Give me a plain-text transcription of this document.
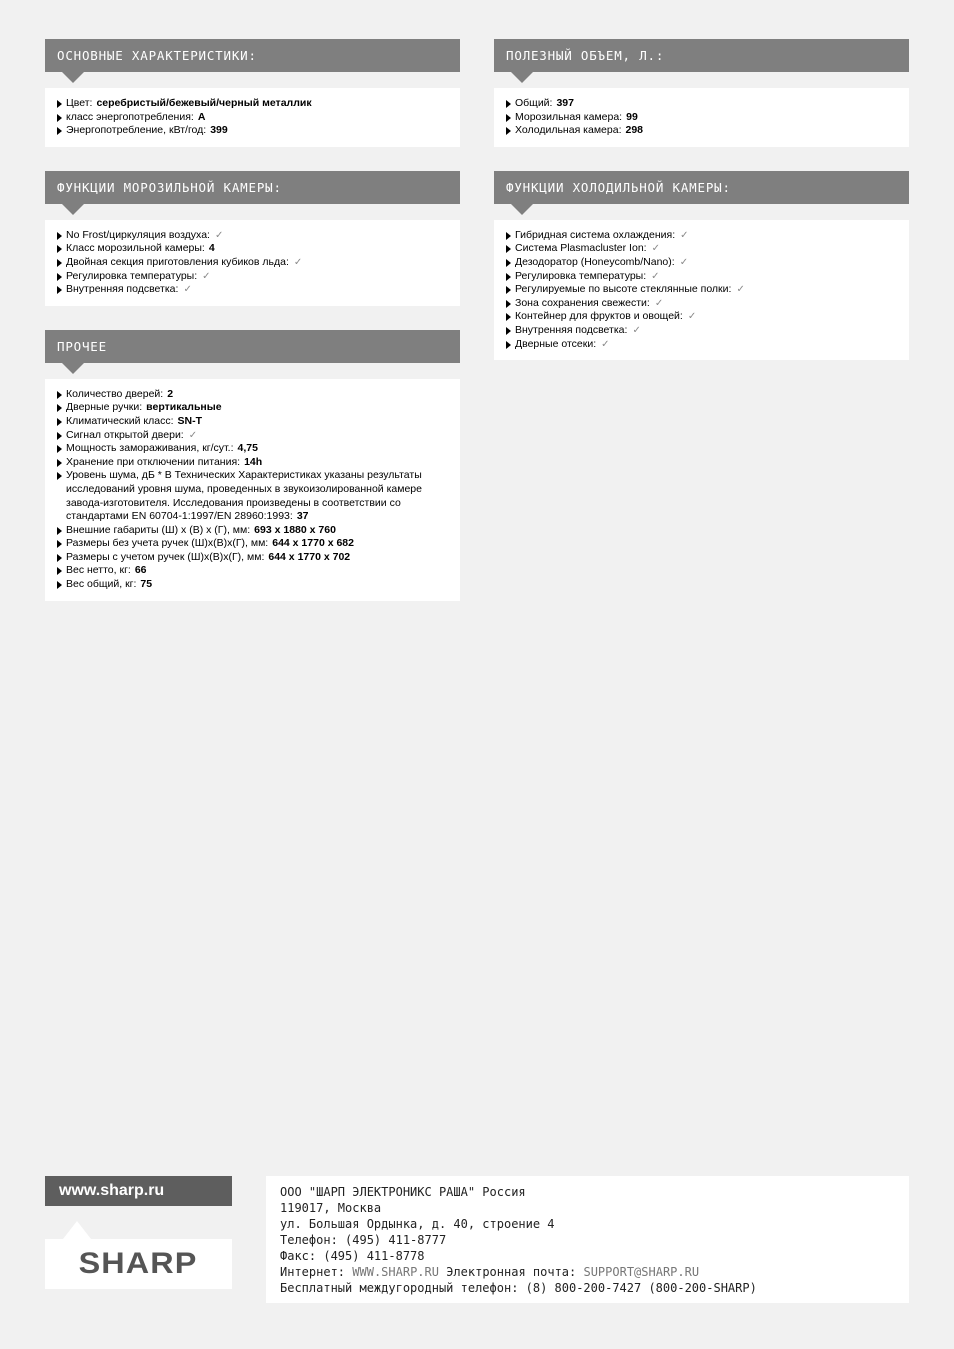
ОСНОВНЫЕ ХАРАКТЕРИСТИКИ:
Цвет: серебристый/бежевый/черный металлик
класс энергопотребления: A
Энергопотребление, кВт/год: 399
ФУНКЦИИ МОРОЗИЛЬНОЙ КАМЕРЫ:
No Frost/циркуляция воздуха: ✓
Класс морозильной камеры: 4
Двойная секция приготовления кубиков льда: ✓
Регулировка температуры: ✓
Внутренняя подсветка: ✓
ПРОЧЕЕ
Количество дверей: 2
Дверные ручки: вертикальные
Климатический класс: SN-T
Сигнал открытой двери: ✓
Мощность замораживания, кг/сут.: 4,75
Хранение при отключении питания: 14h
Уровень шума, дБ * В Технических Характеристиках указаны результаты исследований уровня шума, проведенных в звукоизолированной камере завода-изготовителя. Исследования произведены в соответствии со стандартами EN 60704-1:1997/EN 28960:1993: 37
Внешние габариты (Ш) х (В) х (Г), мм: 693 x 1880 x 760
Размеры без учета ручек (Ш)х(В)х(Г), мм: 644 x 1770 x 682
Размеры с учетом ручек (Ш)х(В)х(Г), мм: 644 x 1770 x 702
Вес нетто, кг: 66
Вес общий, кг: 75
ПОЛЕЗНЫЙ ОБЪЕМ, Л.:
Общий: 397
Морозильная камера: 99
Холодильная камера: 298
ФУНКЦИИ ХОЛОДИЛЬНОЙ КАМЕРЫ:
Гибридная система охлаждения: ✓
Система Plasmacluster Ion: ✓
Дезодоратор (Honeycomb/Nano): ✓
Регулировка температуры: ✓
Регулируемые по высоте стеклянные полки: ✓
Зона сохранения свежести: ✓
Контейнер для фруктов и овощей: ✓
Внутренняя подсветка: ✓
Дверные отсеки: ✓
www.sharp.ru
SHARP
ООО "ШАРП ЭЛЕКТРОНИКС РАША" Россия
119017, Москва
ул. Большая Ордынка, д. 40, строение 4
Телефон: (495) 411-8777
Факс: (495) 411-8778
Интернет: WWW.SHARP.RU Электронная почта: SUPPORT@SHARP.RU
Бесплатный междугородный телефон: (8) 800-200-7427 (800-200-SHARP)
